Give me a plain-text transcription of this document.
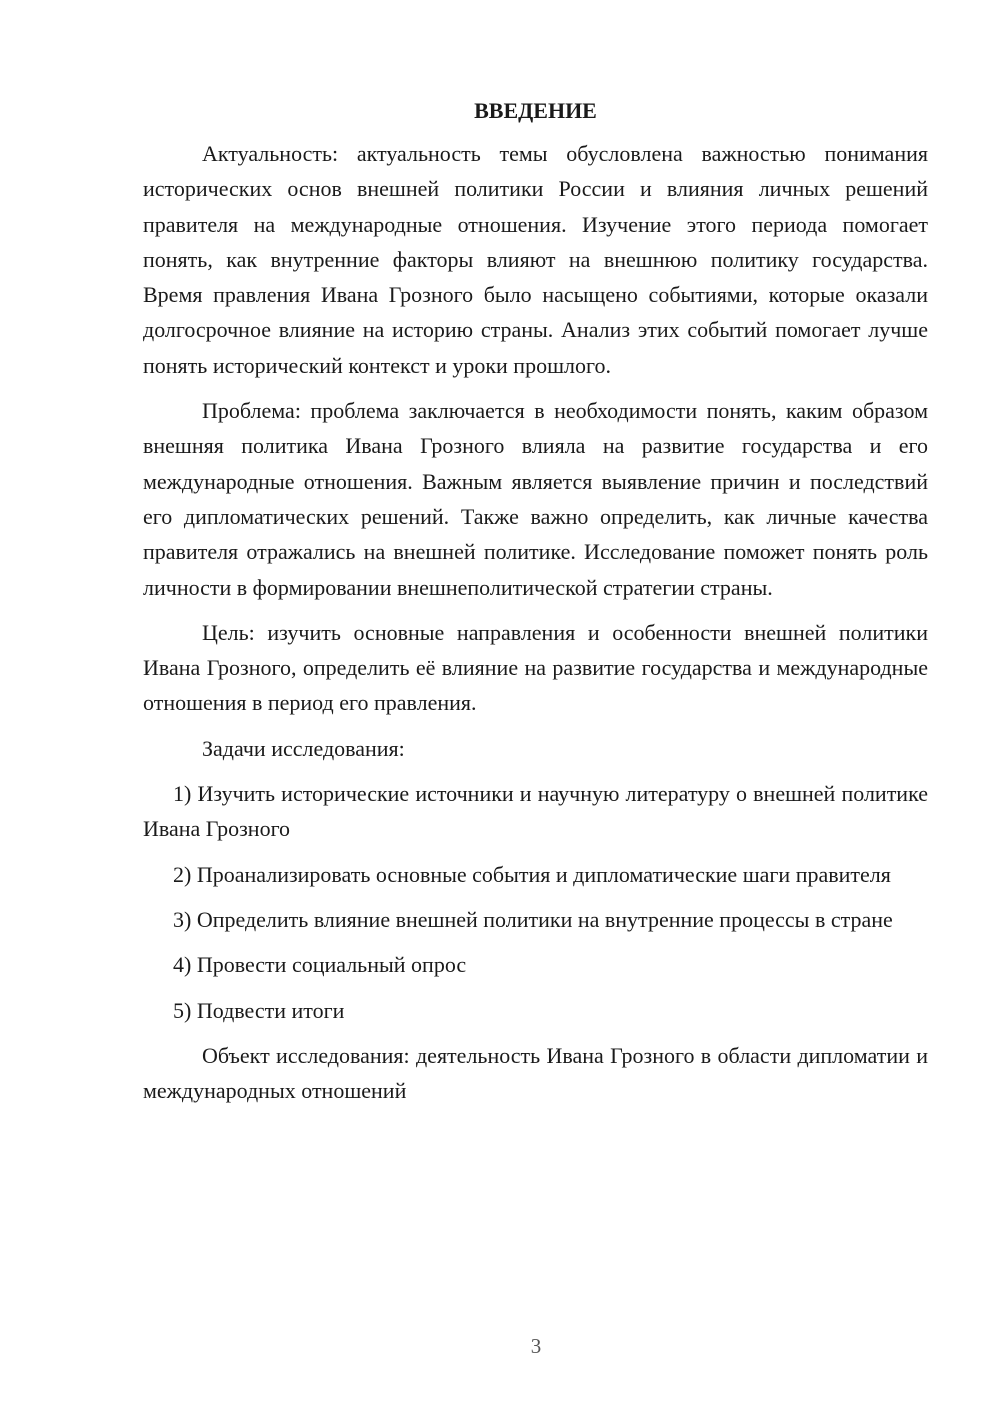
ВВЕДЕНИЕ

Актуальность: актуальность темы обусловлена важностью понимания исторических основ внешней политики России и влияния личных решений правителя на международные отношения. Изучение этого периода помогает понять, как внутренние факторы влияют на внешнюю политику государства. Время правления Ивана Грозного было насыщено событиями, которые оказали долгосрочное влияние на историю страны. Анализ этих событий помогает лучше понять исторический контекст и уроки прошлого.

Проблема: проблема заключается в необходимости понять, каким образом внешняя политика Ивана Грозного влияла на развитие государства и его международные отношения. Важным является выявление причин и последствий его дипломатических решений. Также важно определить, как личные качества правителя отражались на внешней политике. Исследование поможет понять роль личности в формировании внешнеполитической стратегии страны.

Цель: изучить основные направления и особенности внешней политики Ивана Грозного, определить её влияние на развитие государства и международные отношения в период его правления.

Задачи исследования:

1) Изучить исторические источники и научную литературу о внешней политике Ивана Грозного

2) Проанализировать основные события и дипломатические шаги правителя

3) Определить влияние внешней политики на внутренние процессы в стране

4) Провести социальный опрос

5) Подвести итоги

Объект исследования: деятельность Ивана Грозного в области дипломатии и международных отношений

3
